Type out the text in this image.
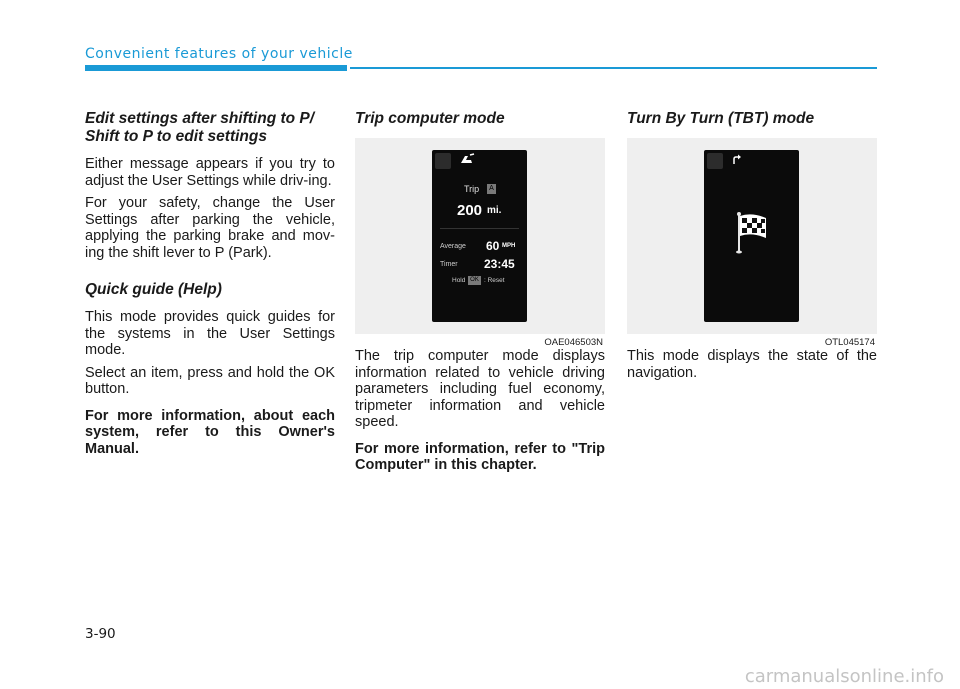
Convenient features of your vehicle
Edit settings after shifting to P/ Shift to P to edit settings

Either message appears if you try to adjust the User Settings while driv-ing.

For your safety, change the User Settings after parking the vehicle, applying the parking brake and mov-ing the shift lever to P (Park).

Quick guide (Help)

This mode provides quick guides for the systems in the User Settings mode.

Select an item, press and hold the OK button.

For more information, about each system, refer to this Owner's Manual.

Trip computer mode
Trip	A
200 mi.
Average 60 MPH
Timer 23:45
Hold OK : Reset
OAE046503N

The trip computer mode displays information related to vehicle driving parameters including fuel economy, tripmeter information and vehicle speed.

For more information, refer to "Trip Computer" in this chapter.

Turn By Turn (TBT) mode
OTL045174

This mode displays the state of the navigation.

3-90
carmanualsonline.info
